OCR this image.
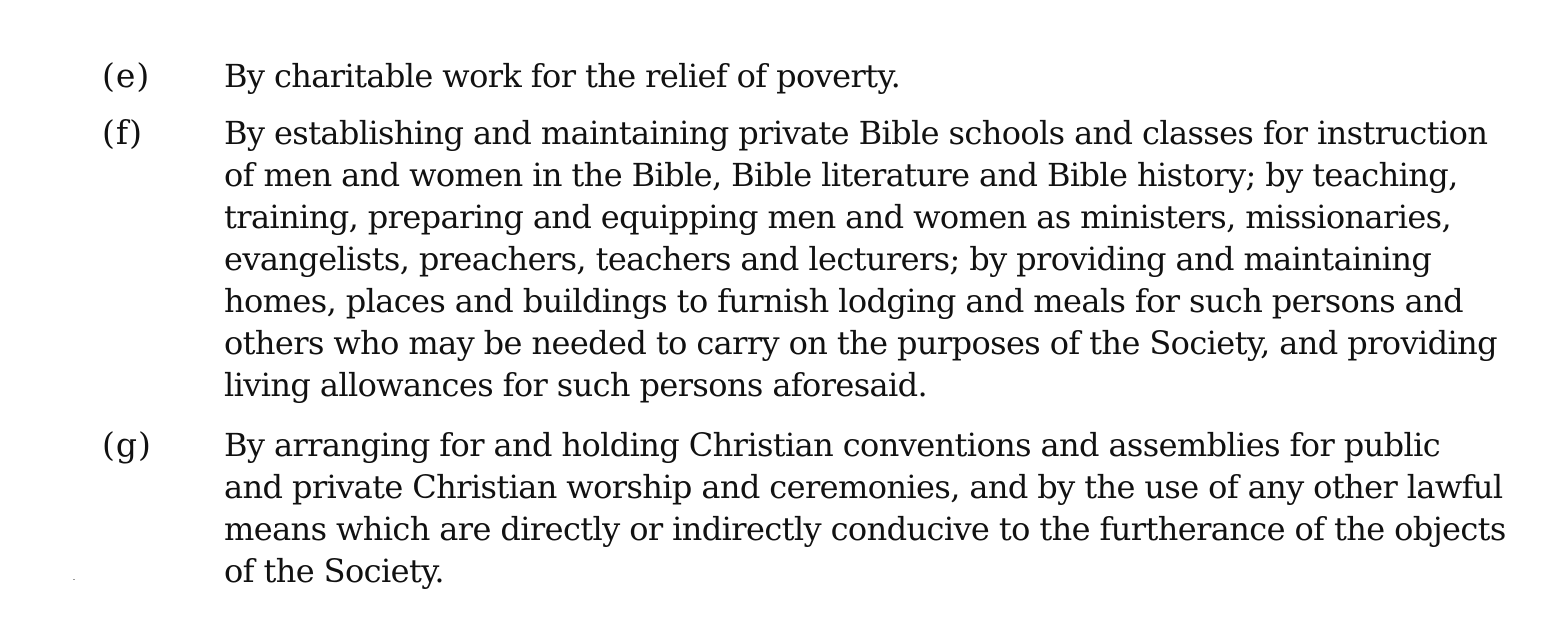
(e) By charitable work for the relief of poverty.
(f)	By establishing and maintaining private Bible schools and classes for instruction
of men and women in the Bible, Bible literature and Bible history; by teaching,
training, preparing and equipping men and women as ministers, missionaries,
evangelists, preachers, teachers and lecturers; by providing and maintaining
homes, places and buildings to furnish lodging and meals for such persons and
others who may be needed to carry on the purposes of the Society, and providing
living allowances for such persons aforesaid.
(g) By arranging for and holding Christian conventions and assemblies for public
and private Christian worship and ceremonies, and by the use of any other lawful
means which are directly or indirectly conducive to the furtherance of the objects
of the Society.
